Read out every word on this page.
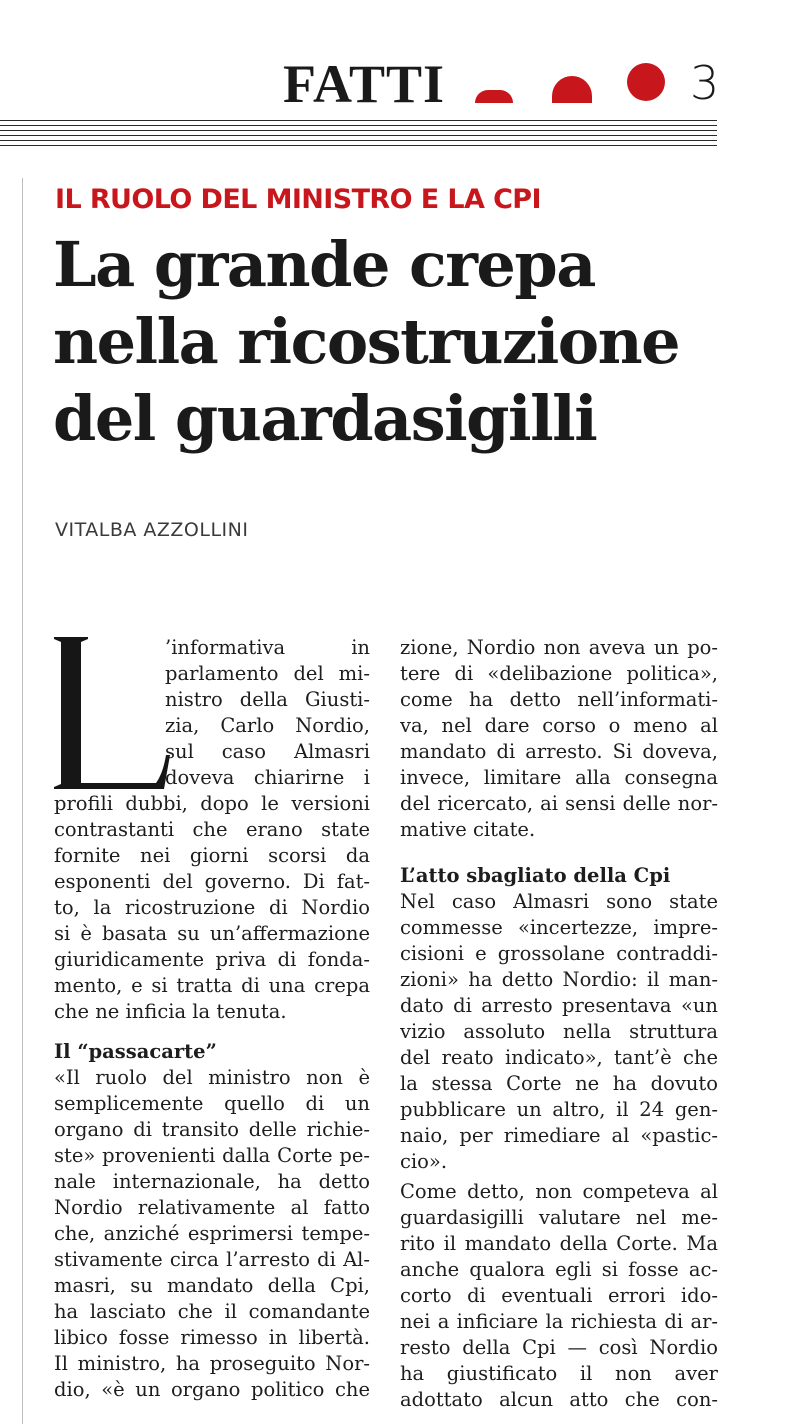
FATTI	3
IL RUOLO DEL MINISTRO E LA CPI
La grande crepa
nella ricostruzione
del guardasigilli
VITALBA AZZOLLINI
’informativa in
parlamento del mi-
nistro della Giusti-
zia, Carlo Nordio,
sul caso Almasri
doveva chiarirne i
profili dubbi, dopo le versioni
contrastanti che erano state
fornite nei giorni scorsi da
esponenti del governo. Di fat-
to, la ricostruzione di Nordio
si è basata su un’affermazione
giuridicamente priva di fonda-
mento, e si tratta di una crepa
che ne inficia la tenuta.
Il “passacarte”
«Il ruolo del ministro non è
semplicemente quello di un
organo di transito delle richie-
ste» provenienti dalla Corte pe-
nale internazionale, ha detto
Nordio relativamente al fatto
che, anziché esprimersi tempe-
stivamente circa l’arresto di Al-
masri, su mandato della Cpi,
ha lasciato che il comandante
libico fosse rimesso in libertà.
Il ministro, ha proseguito Nor-
dio, «è un organo politico che
zione, Nordio non aveva un po-
tere di «delibazione politica»,
come ha detto nell’informati-
va, nel dare corso o meno al
mandato di arresto. Si doveva,
invece, limitare alla consegna
del ricercato, ai sensi delle nor-
mative citate.
L’atto sbagliato della Cpi
Nel caso Almasri sono state
commesse «incertezze, impre-
cisioni e grossolane contraddi-
zioni» ha detto Nordio: il man-
dato di arresto presentava «un
vizio assoluto nella struttura
del reato indicato», tant’è che
la stessa Corte ne ha dovuto
pubblicare un altro, il 24 gen-
naio, per rimediare al «pastic-
cio».
Come detto, non competeva al
guardasigilli valutare nel me-
rito il mandato della Corte. Ma
anche qualora egli si fosse ac-
corto di eventuali errori ido-
nei a inficiare la richiesta di ar-
resto della Cpi — così Nordio
ha giustificato il non aver
adottato alcun atto che con-
